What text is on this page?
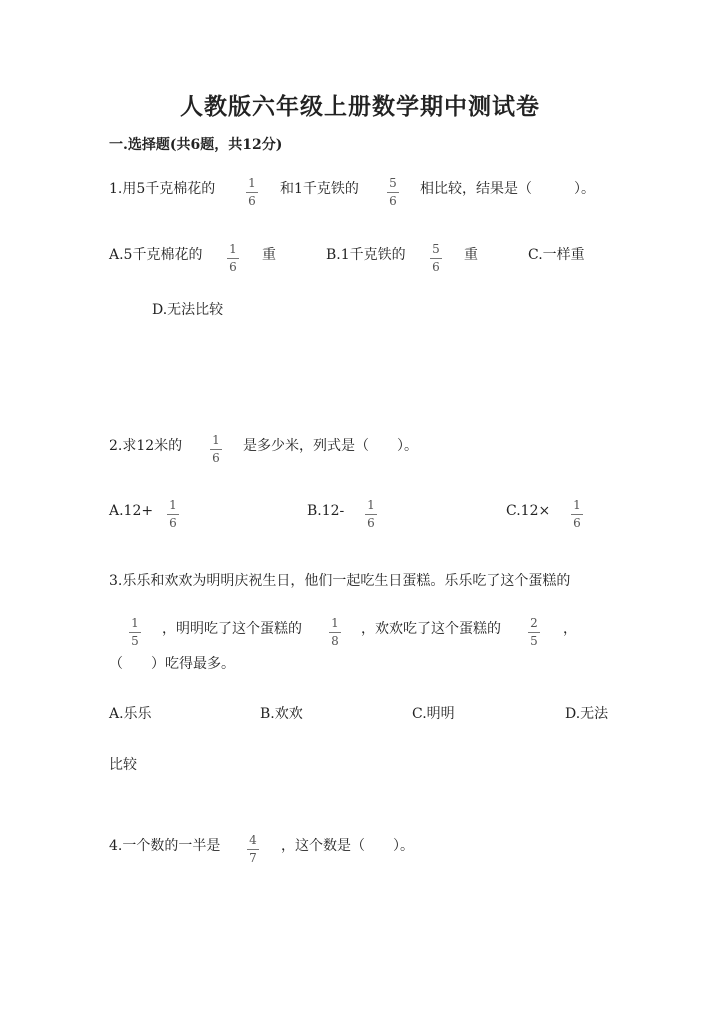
人教版六年级上册数学期中测试卷
一.选择题(共6题，共12分)
1.用5千克棉花的	1
6
和1千克铁的	5
6
相比较，结果是（　　　）。
A.5千克棉花的 1
6
重	B.1千克铁的 5
6
重	C.一样重
D.无法比较
2.求12米的	1
6
是多少米，列式是（　　）。
A.12+ 1
6
B.12- 1
6
C.12× 1
6
3.乐乐和欢欢为明明庆祝生日，他们一起吃生日蛋糕。乐乐吃了这个蛋糕的
1
5
，明明吃了这个蛋糕的 1
8
，欢欢吃了这个蛋糕的 2
5
，
（　　）吃得最多。
A.乐乐	B.欢欢	C.明明	D.无法
比较
4.一个数的一半是 4
7
，这个数是（　　）。
